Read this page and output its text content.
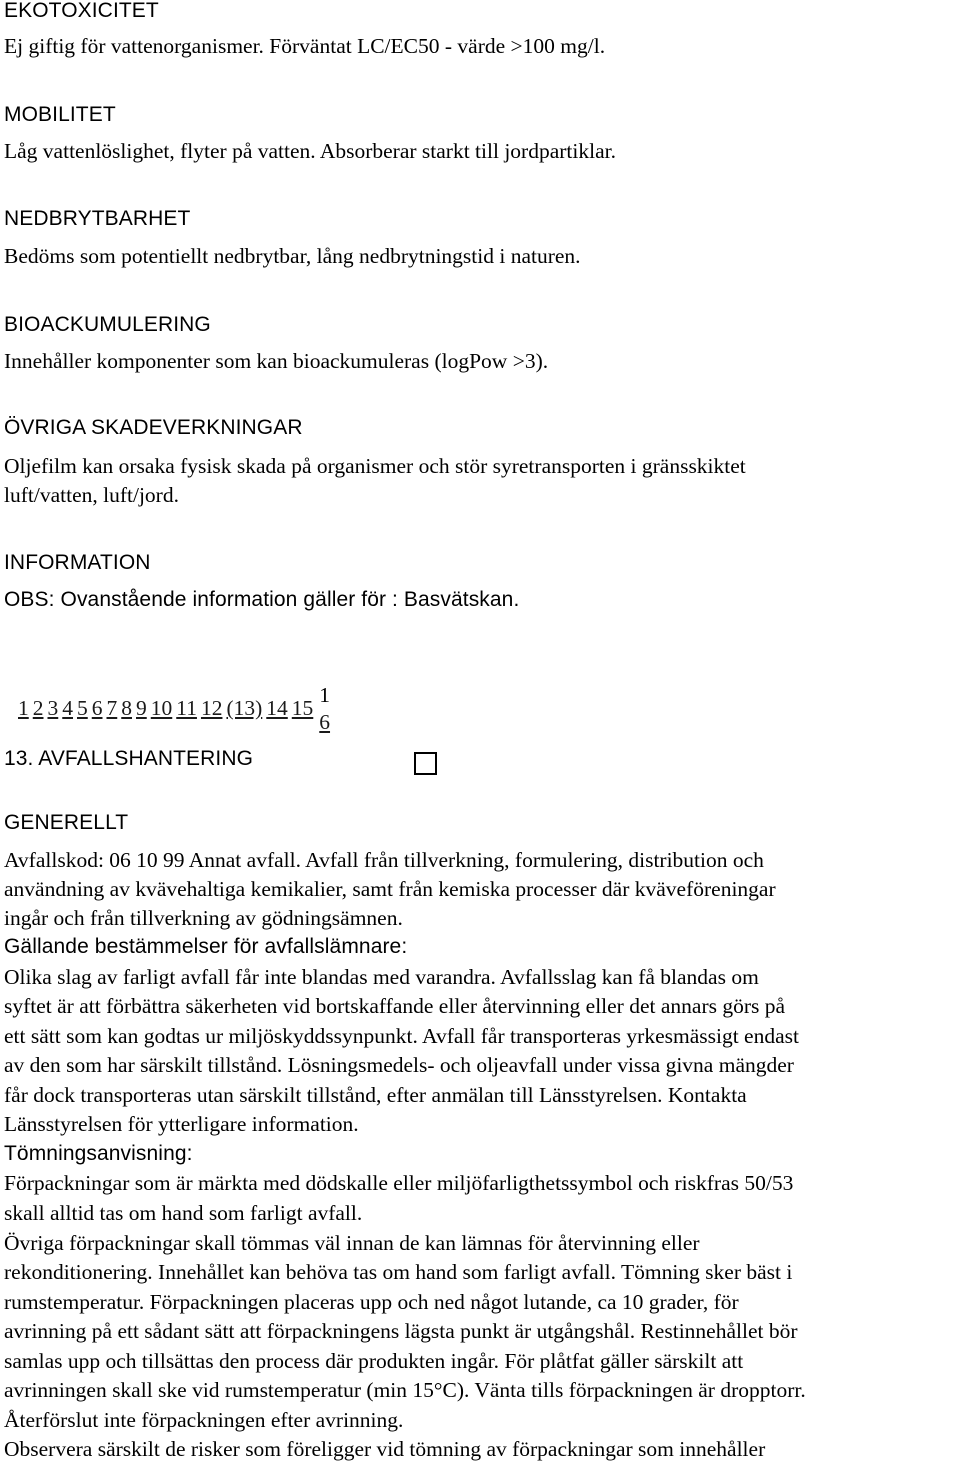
EKOTOXICITET
Ej giftig för vattenorganismer. Förväntat LC/EC50 - värde >100 mg/l.
MOBILITET
Låg vattenlöslighet, flyter på vatten. Absorberar starkt till jordpartiklar.
NEDBRYTBARHET
Bedöms som potentiellt nedbrytbar, lång nedbrytningstid i naturen.
BIOACKUMULERING
Innehåller komponenter som kan bioackumuleras (logPow >3).
ÖVRIGA SKADEVERKNINGAR
Oljefilm kan orsaka fysisk skada på organismer och stör syretransporten i gränsskiktet
luft/vatten, luft/jord.
INFORMATION
OBS: Ovanstående information gäller för : Basvätskan.
1 2 3 4 5 6 7 8 9 10 11 12 (13) 14 151
6
13. AVFALLSHANTERING
GENERELLT
Avfallskod: 06 10 99 Annat avfall. Avfall från tillverkning, formulering, distribution och
användning av kvävehaltiga kemikalier, samt från kemiska processer där kväveföreningar
ingår och från tillverkning av gödningsämnen.
Gällande bestämmelser för avfallslämnare:
Olika slag av farligt avfall får inte blandas med varandra. Avfallsslag kan få blandas om
syftet är att förbättra säkerheten vid bortskaffande eller återvinning eller det annars görs på
ett sätt som kan godtas ur miljöskyddssynpunkt. Avfall får transporteras yrkesmässigt endast
av den som har särskilt tillstånd. Lösningsmedels- och oljeavfall under vissa givna mängder
får dock transporteras utan särskilt tillstånd, efter anmälan till Länsstyrelsen. Kontakta
Länsstyrelsen för ytterligare information.
Tömningsanvisning:
Förpackningar som är märkta med dödskalle eller miljöfarligthetssymbol och riskfras 50/53
skall alltid tas om hand som farligt avfall.
Övriga förpackningar skall tömmas väl innan de kan lämnas för återvinning eller
rekonditionering. Innehållet kan behöva tas om hand som farligt avfall. Tömning sker bäst i
rumstemperatur. Förpackningen placeras upp och ned något lutande, ca 10 grader, för
avrinning på ett sådant sätt att förpackningens lägsta punkt är utgångshål. Restinnehållet bör
samlas upp och tillsättas den process där produkten ingår. För plåtfat gäller särskilt att
avrinningen skall ske vid rumstemperatur (min 15°C). Vänta tills förpackningen är dropptorr.
Återförslut inte förpackningen efter avrinning.
Observera särskilt de risker som föreligger vid tömning av förpackningar som innehåller
